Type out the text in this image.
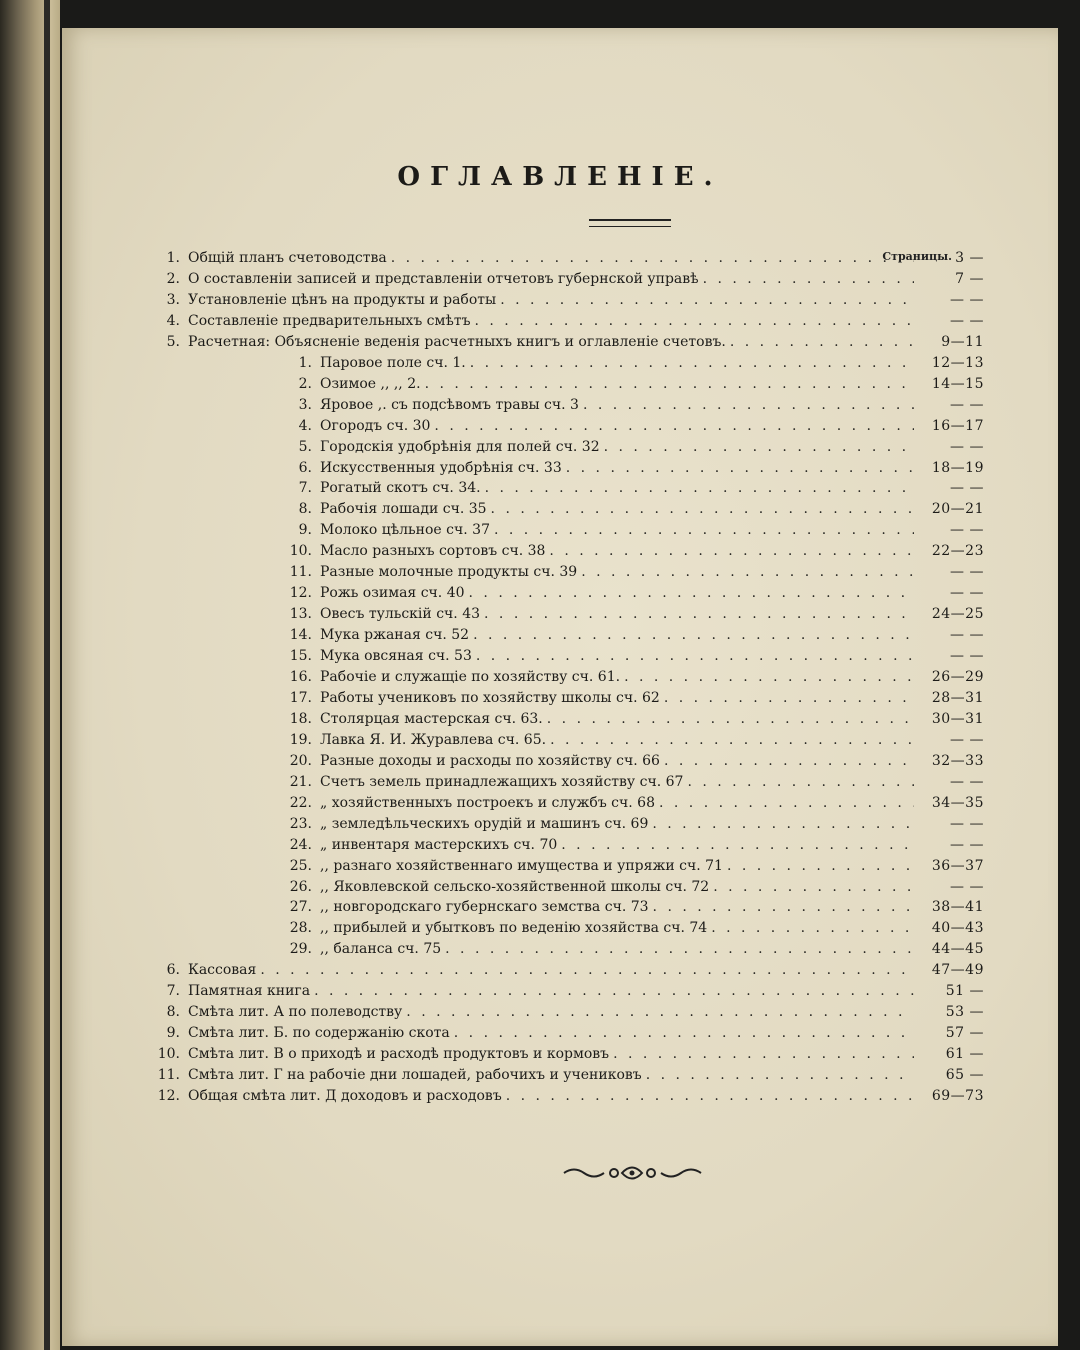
ОГЛАВЛЕНІЕ.
Страницы.
1. Общій планъ счетоводства . . .	3 —
2. О составленіи записей и представленіи отчетовъ губернской управѣ . . .	7 —
3. Установленіе цѣнъ на продукты и работы . . .	— —
4. Составленіе предварительныхъ смѣтъ . . .	— —
5. Расчетная: Объясненіе веденія расчетныхъ книгъ и оглавленіе счетовъ. . . .	9—11
1. Паровое поле сч. 1. . . .	12—13
2. Озимое ,, ,, 2. . . .	14—15
3. Яровое ,. съ подсѣвомъ травы сч. 3 . . .	— —
4. Огородъ сч. 30 . . .	16—17
5. Городскія удобрѣнія для полей сч. 32 . . .	— —
6. Искусственныя удобрѣнія сч. 33 . . .	18—19
7. Рогатый скотъ сч. 34. . . .	— —
8. Рабочія лошади сч. 35 . . .	20—21
9. Молоко цѣльное сч. 37 . . .	— —
10. Масло разныхъ сортовъ сч. 38 . . .	22—23
11. Разные молочные продукты сч. 39 . . .	— —
12. Рожь озимая сч. 40 . . .	— —
13. Овесъ тульскій сч. 43 . . .	24—25
14. Мука ржаная сч. 52 . . .	— —
15. Мука овсяная сч. 53 . . .	— —
16. Рабочіе и служащіе по хозяйству сч. 61. . . .	26—29
17. Работы учениковъ по хозяйству школы сч. 62 . . .	28—31
18. Столярцая мастерская сч. 63. . . .	30—31
19. Лавка Я. И. Журавлева сч. 65. . . .	— —
20. Разные доходы и расходы по хозяйству сч. 66 . . .	32—33
21. Счетъ земель принадлежащихъ хозяйству сч. 67 . . .	— —
22. „ хозяйственныхъ построекъ и службъ сч. 68 . . .	34—35
23. „ земледѣльческихъ орудій и машинъ сч. 69 . . .	— —
24. „ инвентаря мастерскихъ сч. 70 . . .	— —
25. ,, разнаго хозяйственнаго имущества и упряжи сч. 71 . . .	36—37
26. ,, Яковлевской сельско-хозяйственной школы сч. 72 . . .	— —
27. ,, новгородскаго губернскаго земства сч. 73 . . .	38—41
28. ,, прибылей и убытковъ по веденію хозяйства сч. 74 . . .	40—43
29. ,, баланса сч. 75 . . .	44—45
6. Кассовая . . .	47—49
7. Памятная книга . . .	51 —
8. Смѣта лит. А по полеводству . . .	53 —
9. Смѣта лит. Б. по содержанію скота . . .	57 —
10. Смѣта лит. В о приходѣ и расходѣ продуктовъ и кормовъ . . .	61 —
11. Смѣта лит. Г на рабочіе дни лошадей, рабочихъ и учениковъ . . .	65 —
12. Общая смѣта лит. Д доходовъ и расходовъ . . .	69—73
